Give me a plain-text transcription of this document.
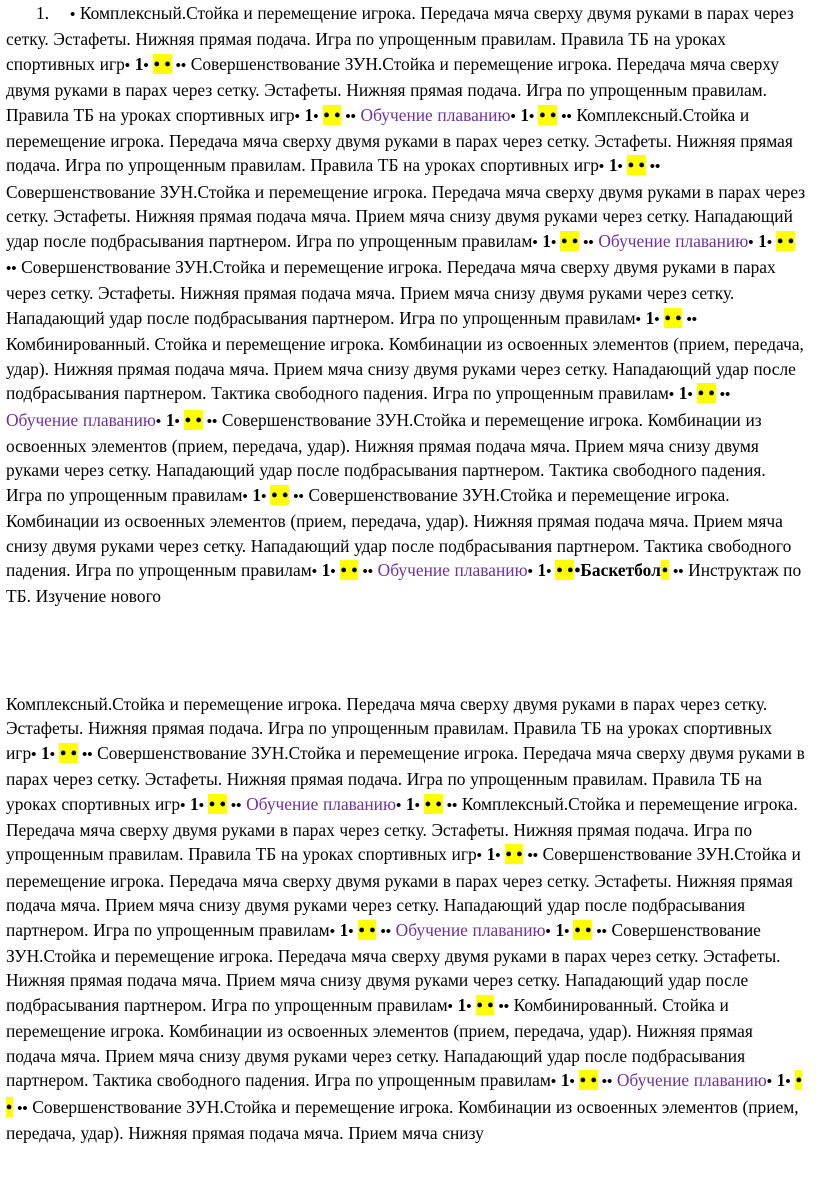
1. • Комплексный.Стойка и перемещение игрока. Передача мяча сверху двумя руками в парах через сетку. Эстафеты. Нижняя прямая подача. Игра по упрощенным правилам. Правила ТБ на уроках спортивных игр• 1• • • •• Совершенствование ЗУН.Стойка и перемещение игрока. Передача мяча сверху двумя руками в парах через сетку. Эстафеты. Нижняя прямая подача. Игра по упрощенным правилам. Правила ТБ на уроках спортивных игр• 1• • • •• Обучение плаванию• 1• • • •• Комплексный.Стойка и перемещение игрока. Передача мяча сверху двумя руками в парах через сетку. Эстафеты. Нижняя прямая подача. Игра по упрощенным правилам. Правила ТБ на уроках спортивных игр• 1• • • •• Совершенствование ЗУН.Стойка и перемещение игрока. Передача мяча сверху двумя руками в парах через сетку. Эстафеты. Нижняя прямая подача мяча. Прием мяча снизу двумя руками через сетку. Нападающий удар после подбрасывания партнером. Игра по упрощенным правилам• 1• • • •• Обучение плаванию• 1• • • •• Совершенствование ЗУН.Стойка и перемещение игрока. Передача мяча сверху двумя руками в парах через сетку. Эстафеты. Нижняя прямая подача мяча. Прием мяча снизу двумя руками через сетку. Нападающий удар после подбрасывания партнером. Игра по упрощенным правилам• 1• • • •• Комбинированный. Стойка и перемещение игрока. Комбинации из освоенных элементов (прием, передача, удар). Нижняя прямая подача мяча. Прием мяча снизу двумя руками через сетку. Нападающий удар после подбрасывания партнером. Тактика свободного падения. Игра по упрощенным правилам• 1• • • •• Обучение плаванию• 1• • • •• Совершенствование ЗУН.Стойка и перемещение игрока. Комбинации из освоенных элементов (прием, передача, удар). Нижняя прямая подача мяча. Прием мяча снизу двумя руками через сетку. Нападающий удар после подбрасывания партнером. Тактика свободного падения. Игра по упрощенным правилам• 1• • • •• Совершенствование ЗУН.Стойка и перемещение игрока. Комбинации из освоенных элементов (прием, передача, удар). Нижняя прямая подача мяча. Прием мяча снизу двумя руками через сетку. Нападающий удар после подбрасывания партнером. Тактика свободного падения. Игра по упрощенным правилам• 1• • • •• Обучение плаванию• 1• • ••Баскетбол• •• Инструктаж по ТБ. Изучение нового

Комплексный.Стойка и перемещение игрока. Передача мяча сверху двумя руками в парах через сетку. Эстафеты. Нижняя прямая подача. Игра по упрощенным правилам. Правила ТБ на уроках спортивных игр• 1• • • •• Совершенствование ЗУН.Стойка и перемещение игрока. Передача мяча сверху двумя руками в парах через сетку. Эстафеты. Нижняя прямая подача. Игра по упрощенным правилам. Правила ТБ на уроках спортивных игр• 1• • • •• Обучение плаванию• 1• • • •• Комплексный.Стойка и перемещение игрока. Передача мяча сверху двумя руками в парах через сетку. Эстафеты. Нижняя прямая подача. Игра по упрощенным правилам. Правила ТБ на уроках спортивных игр• 1• • • •• Совершенствование ЗУН.Стойка и перемещение игрока. Передача мяча сверху двумя руками в парах через сетку. Эстафеты. Нижняя прямая подача мяча. Прием мяча снизу двумя руками через сетку. Нападающий удар после подбрасывания партнером. Игра по упрощенным правилам• 1• • • •• Обучение плаванию• 1• • • •• Совершенствование ЗУН.Стойка и перемещение игрока. Передача мяча сверху двумя руками в парах через сетку. Эстафеты. Нижняя прямая подача мяча. Прием мяча снизу двумя руками через сетку. Нападающий удар после подбрасывания партнером. Игра по упрощенным правилам• 1• • • •• Комбинированный. Стойка и перемещение игрока. Комбинации из освоенных элементов (прием, передача, удар). Нижняя прямая подача мяча. Прием мяча снизу двумя руками через сетку. Нападающий удар после подбрасывания партнером. Тактика свободного падения. Игра по упрощенным правилам• 1• • • •• Обучение плаванию• 1• • • •• Совершенствование ЗУН.Стойка и перемещение игрока. Комбинации из освоенных элементов (прием, передача, удар). Нижняя прямая подача мяча. Прием мяча снизу
